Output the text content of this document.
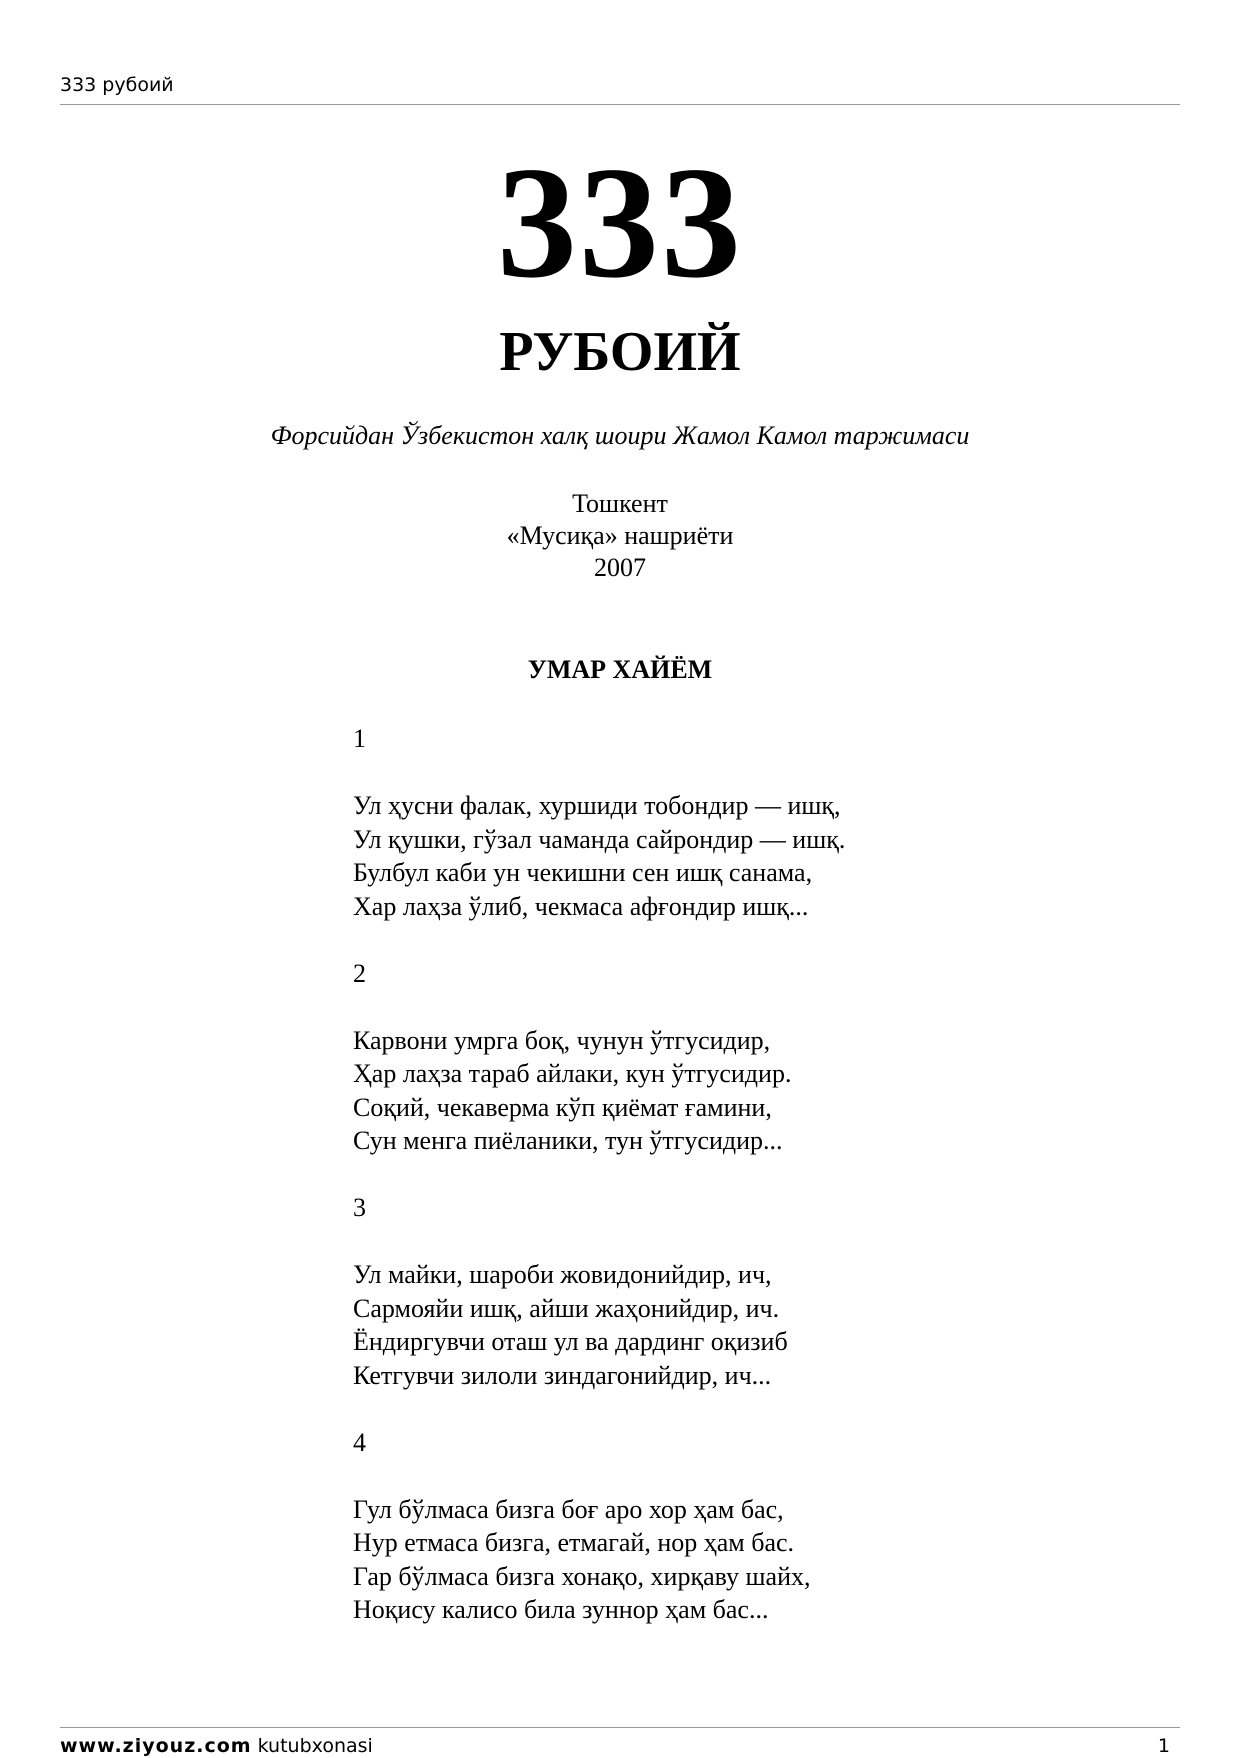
333 рубоий
333
РУБОИЙ
Форсийдан Ўзбекистон халқ шоири Жамол Камол таржимаси
Тошкент
«Мусиқа» нашриёти
2007
УМАР ХАЙЁМ
1
Ул ҳусни фалак, хуршиди тобондир — ишқ,
Ул қушки, гўзал чаманда сайрондир — ишқ.
Булбул каби ун чекишни сен ишқ санама,
Хар лаҳза ўлиб, чекмаса афғондир ишқ...
2
Карвони умрга боқ, чунун ўтгусидир,
Ҳар лаҳза тараб айлаки, кун ўтгусидир.
Соқий, чекаверма кўп қиёмат ғамини,
Сун менга пиёланики, тун ўтгусидир...
3
Ул майки, шароби жовидонийдир, ич,
Сармояйи ишқ, айши жаҳонийдир, ич.
Ёндиргувчи оташ ул ва дардинг оқизиб
Кетгувчи зилоли зиндагонийдир, ич...
4
Гул бўлмаса бизга боғ аро хор ҳам бас,
Нур етмаса бизга, етмагай, нор ҳам бас.
Гар бўлмаса бизга хонақо, хирқаву шайх,
Ноқису калисо била зуннор ҳам бас...
www.ziyouz.com kutubxonasi	1
